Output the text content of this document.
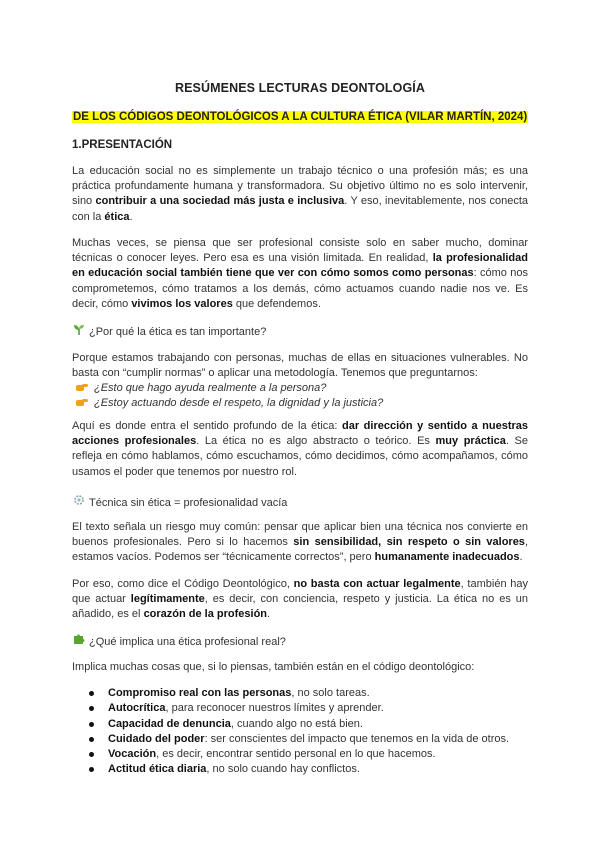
RESÚMENES LECTURAS DEONTOLOGÍA
DE LOS CÓDIGOS DEONTOLÓGICOS A LA CULTURA ÉTICA (VILAR MARTÍN, 2024)
1.PRESENTACIÓN

La educación social no es simplemente un trabajo técnico o una profesión más; es una práctica profundamente humana y transformadora. Su objetivo último no es solo intervenir, sino contribuir a una sociedad más justa e inclusiva. Y eso, inevitablemente, nos conecta con la ética.

Muchas veces, se piensa que ser profesional consiste solo en saber mucho, dominar técnicas o conocer leyes. Pero esa es una visión limitada. En realidad, la profesionalidad en educación social también tiene que ver con cómo somos como personas: cómo nos comprometemos, cómo tratamos a los demás, cómo actuamos cuando nadie nos ve. Es decir, cómo vivimos los valores que defendemos.

¿Por qué la ética es tan importante?

Porque estamos trabajando con personas, muchas de ellas en situaciones vulnerables. No basta con “cumplir normas” o aplicar una metodología. Tenemos que preguntarnos:

¿Esto que hago ayuda realmente a la persona?
¿Estoy actuando desde el respeto, la dignidad y la justicia?

Aquí es donde entra el sentido profundo de la ética: dar dirección y sentido a nuestras acciones profesionales. La ética no es algo abstracto o teórico. Es muy práctica. Se refleja en cómo hablamos, cómo escuchamos, cómo decidimos, cómo acompañamos, cómo usamos el poder que tenemos por nuestro rol.

Técnica sin ética = profesionalidad vacía

El texto señala un riesgo muy común: pensar que aplicar bien una técnica nos convierte en buenos profesionales. Pero si lo hacemos sin sensibilidad, sin respeto o sin valores, estamos vacíos. Podemos ser “técnicamente correctos”, pero humanamente inadecuados.

Por eso, como dice el Código Deontológico, no basta con actuar legalmente, también hay que actuar legítimamente, es decir, con conciencia, respeto y justicia. La ética no es un añadido, es el corazón de la profesión.

¿Qué implica una ética profesional real?

Implica muchas cosas que, si lo piensas, también están en el código deontológico:

Compromiso real con las personas, no solo tareas.
Autocrítica, para reconocer nuestros límites y aprender.
Capacidad de denuncia, cuando algo no está bien.
Cuidado del poder: ser conscientes del impacto que tenemos en la vida de otros.
Vocación, es decir, encontrar sentido personal en lo que hacemos.
Actitud ética diaria, no solo cuando hay conflictos.
